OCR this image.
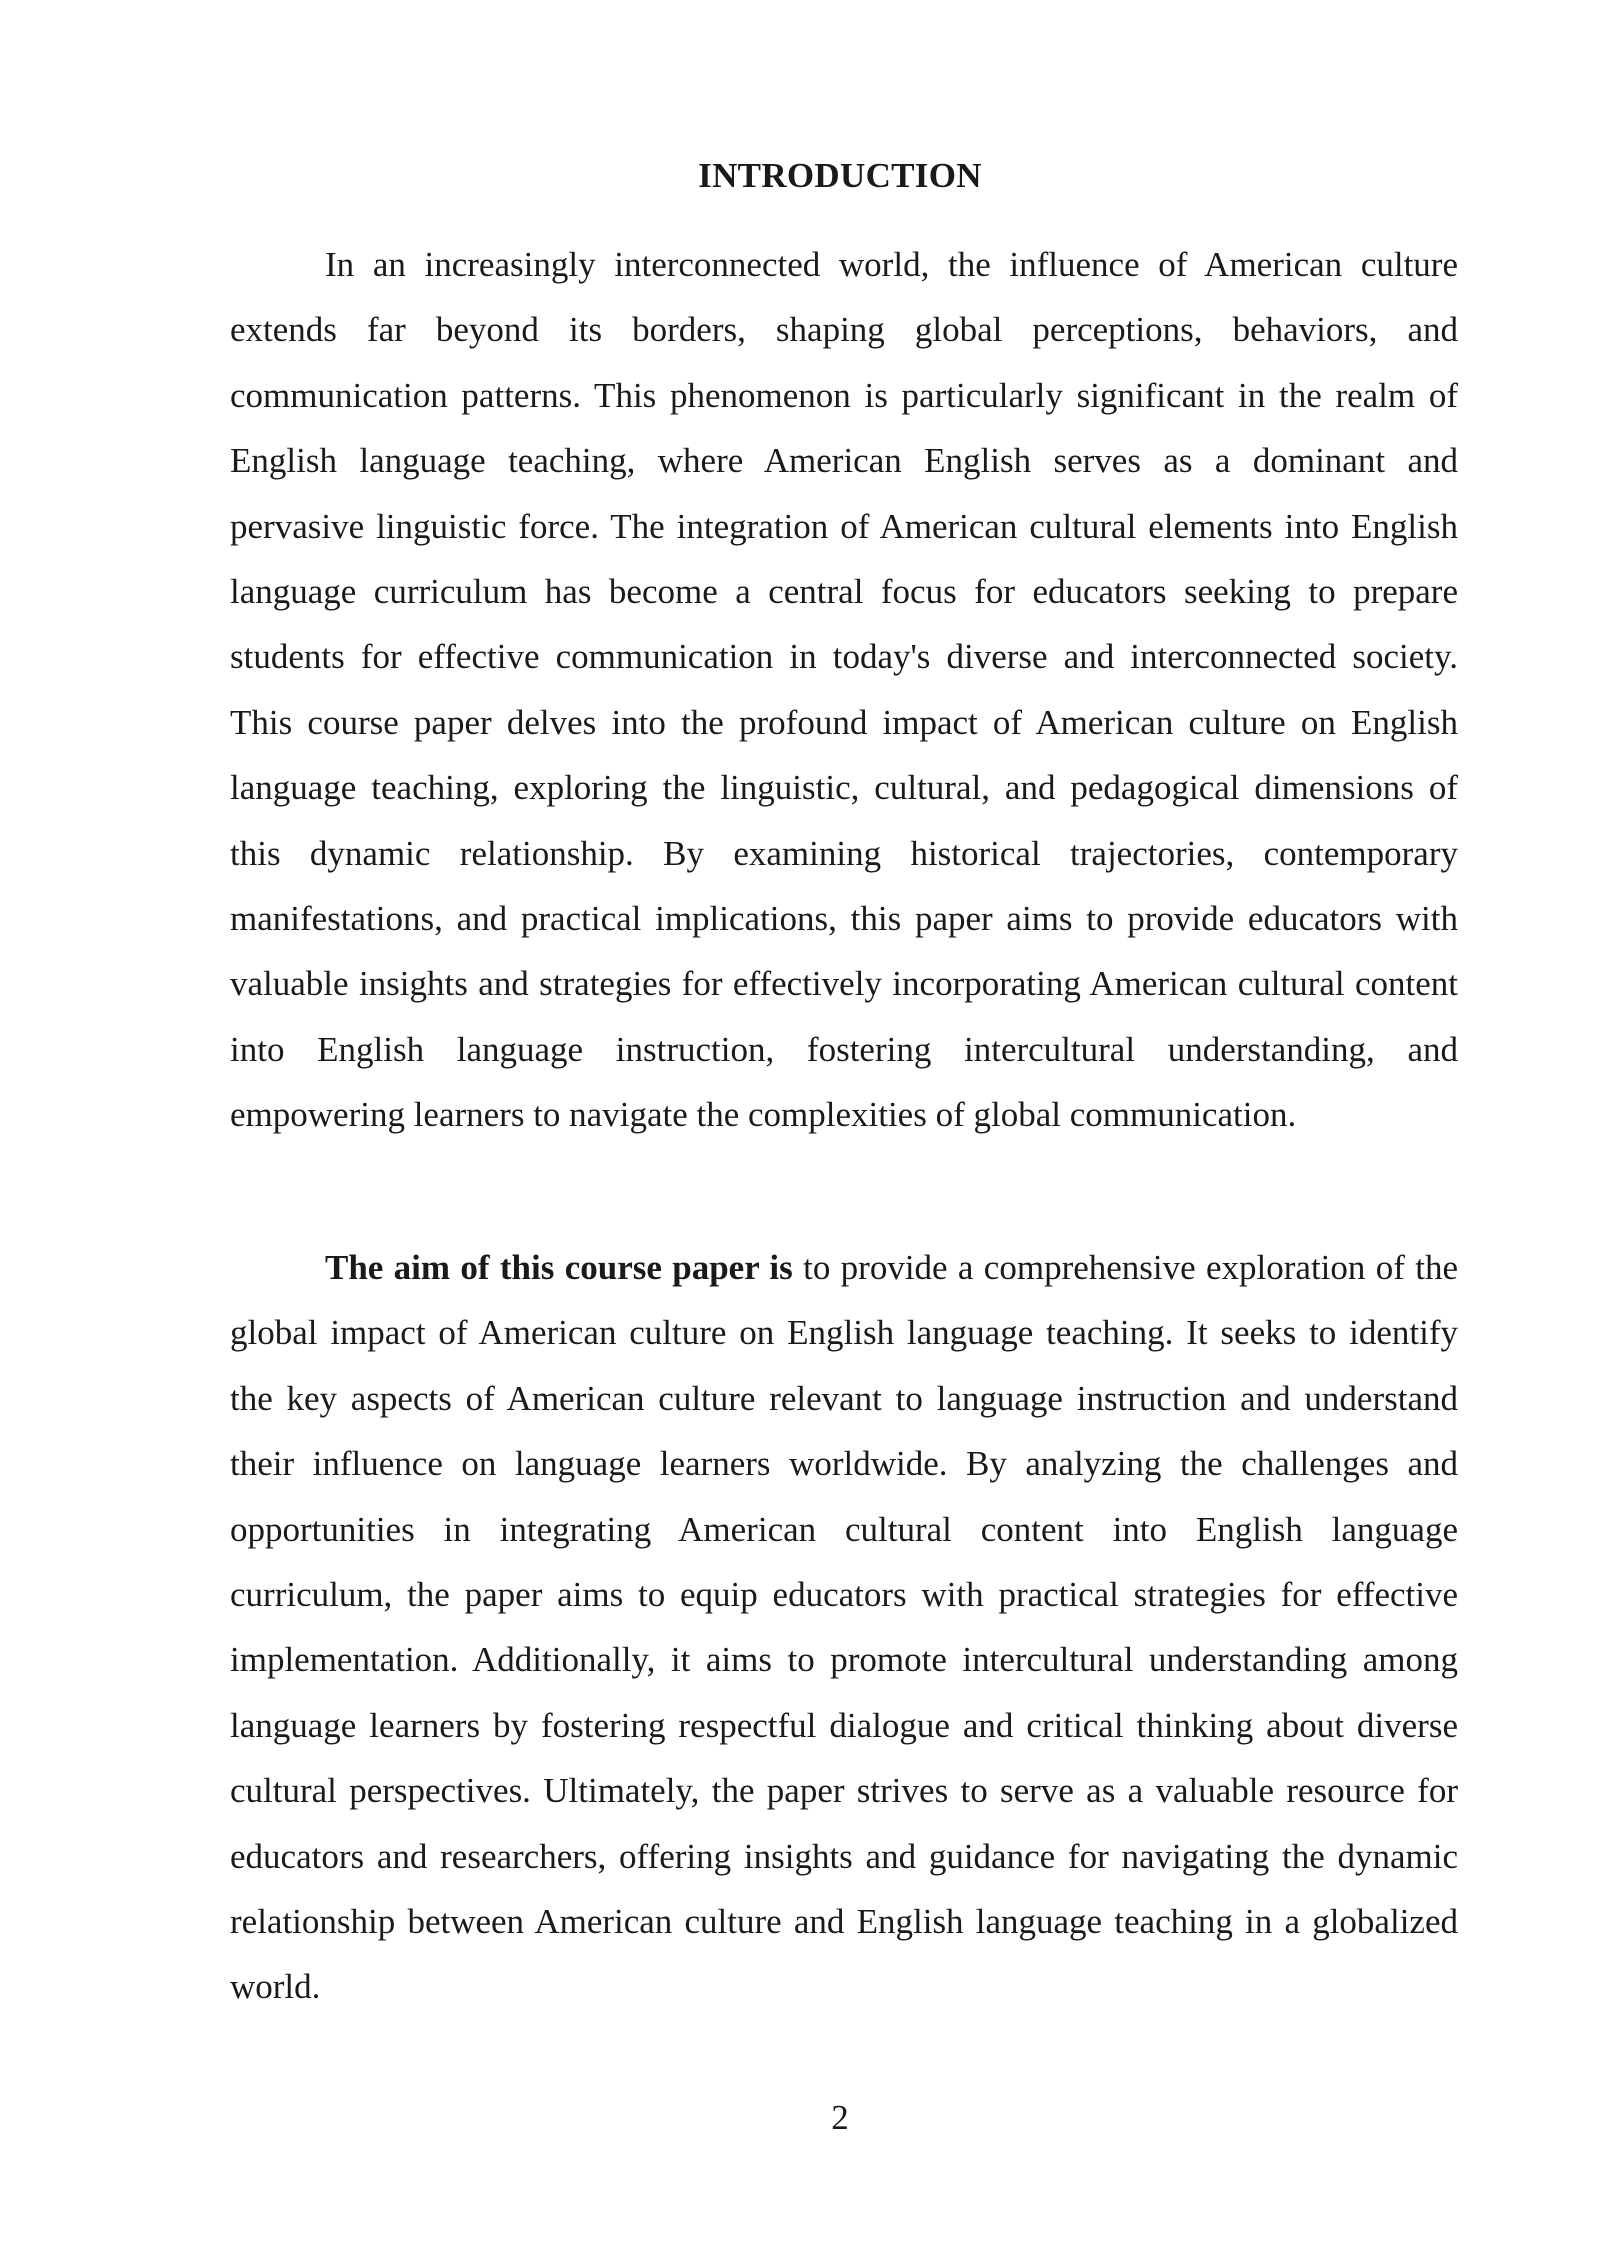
INTRODUCTION

In an increasingly interconnected world, the influence of American culture extends far beyond its borders, shaping global perceptions, behaviors, and communication patterns. This phenomenon is particularly significant in the realm of English language teaching, where American English serves as a dominant and pervasive linguistic force. The integration of American cultural elements into English language curriculum has become a central focus for educators seeking to prepare students for effective communication in today's diverse and interconnected society. This course paper delves into the profound impact of American culture on English language teaching, exploring the linguistic, cultural, and pedagogical dimensions of this dynamic relationship. By examining historical trajectories, contemporary manifestations, and practical implications, this paper aims to provide educators with valuable insights and strategies for effectively incorporating American cultural content into English language instruction, fostering intercultural understanding, and empowering learners to navigate the complexities of global communication.

The aim of this course paper is to provide a comprehensive exploration of the global impact of American culture on English language teaching. It seeks to identify the key aspects of American culture relevant to language instruction and understand their influence on language learners worldwide. By analyzing the challenges and opportunities in integrating American cultural content into English language curriculum, the paper aims to equip educators with practical strategies for effective implementation. Additionally, it aims to promote intercultural understanding among language learners by fostering respectful dialogue and critical thinking about diverse cultural perspectives. Ultimately, the paper strives to serve as a valuable resource for educators and researchers, offering insights and guidance for navigating the dynamic relationship between American culture and English language teaching in a globalized world.

2
